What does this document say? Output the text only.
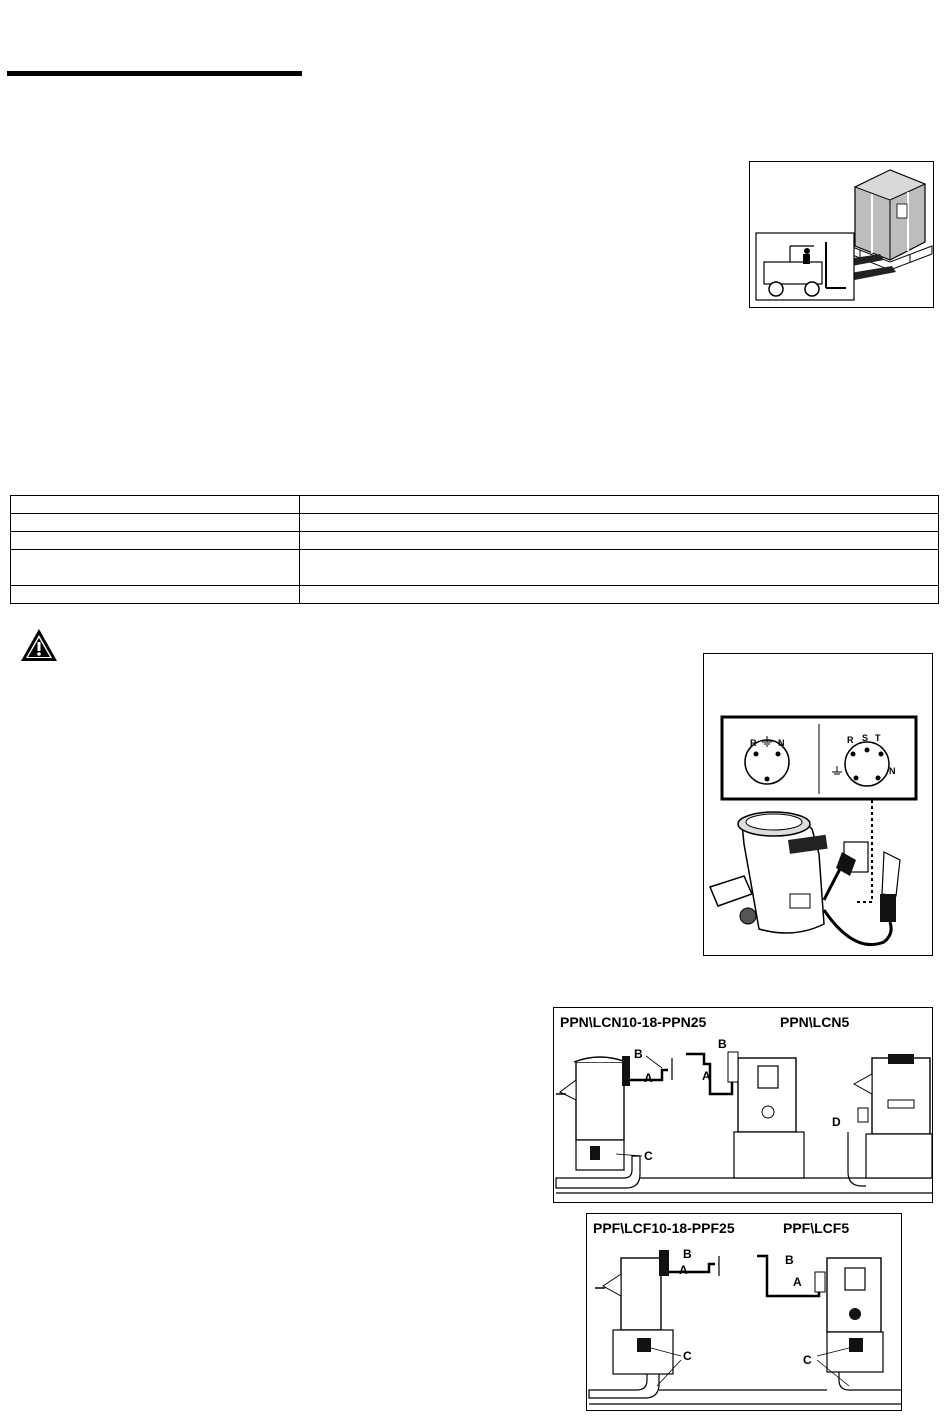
R N	R S T
N
PPN\LCN10-18-PPN25	PPN\LCN5
B
A
C
B
A
D
PPF\LCF10-18-PPF25	PPF\LCF5
B
A
C
B
A
C
